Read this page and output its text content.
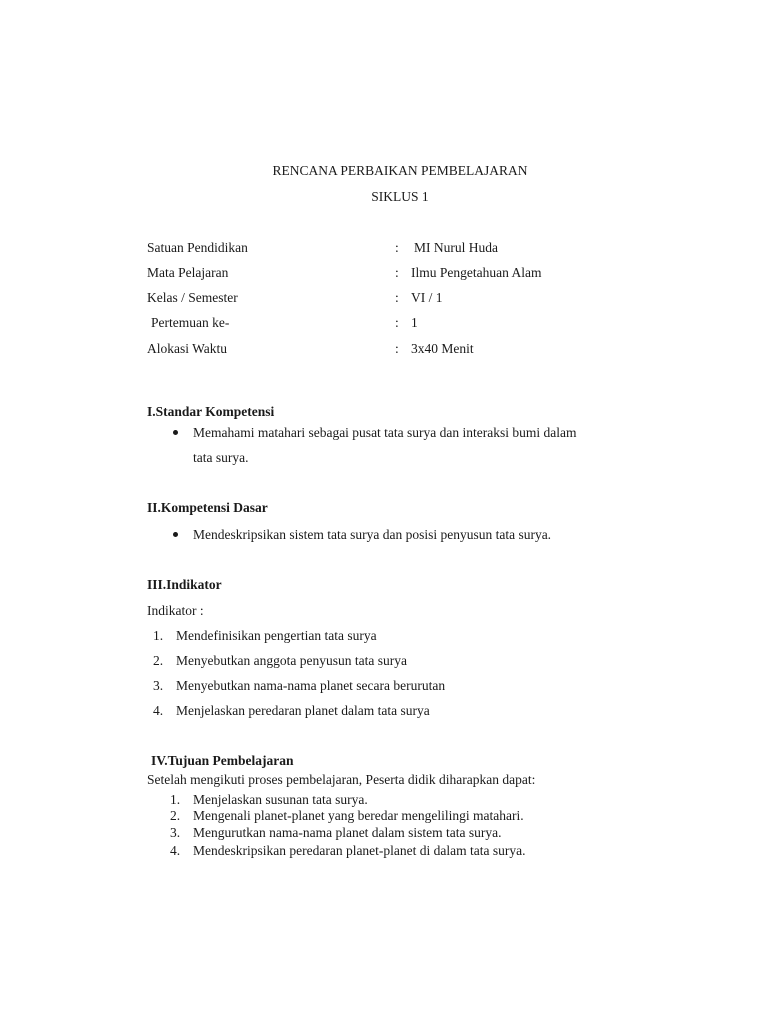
RENCANA PERBAIKAN PEMBELAJARAN
SIKLUS 1
Satuan Pendidikan	: MI Nurul Huda
Mata Pelajaran	: Ilmu Pengetahuan Alam
Kelas / Semester	: VI / 1
Pertemuan ke-	: 1
Alokasi Waktu	: 3x40 Menit
I.Standar Kompetensi
Memahami matahari sebagai pusat tata surya dan interaksi bumi dalam
tata surya.
II.Kompetensi Dasar
Mendeskripsikan sistem tata surya dan posisi penyusun tata surya.
III.Indikator
Indikator :
1. Mendefinisikan pengertian tata surya
2. Menyebutkan anggota penyusun tata surya
3. Menyebutkan nama-nama planet secara berurutan
4. Menjelaskan peredaran planet dalam tata surya
IV.Tujuan Pembelajaran
Setelah mengikuti proses pembelajaran, Peserta didik diharapkan dapat:
1. Menjelaskan susunan tata surya.
2. Mengenali planet-planet yang beredar mengelilingi matahari.
3. Mengurutkan nama-nama planet dalam sistem tata surya.
4. Mendeskripsikan peredaran planet-planet di dalam tata surya.
